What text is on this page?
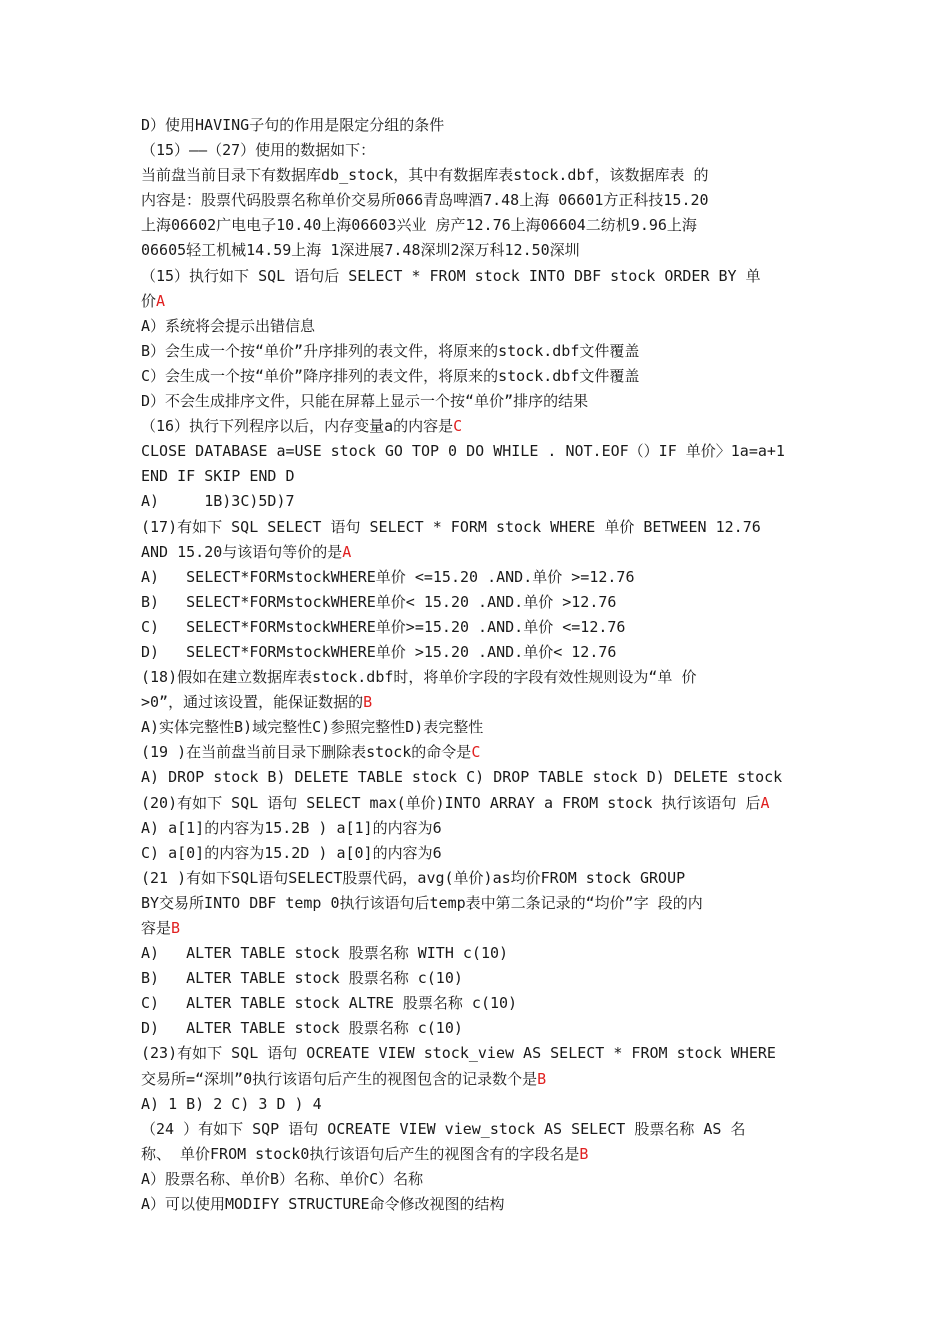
D）使用HAVING子句的作用是限定分组的条件
（15）——（27）使用的数据如下：
当前盘当前目录下有数据库db_stock，其中有数据库表stock.dbf，该数据库表 的
内容是：股票代码股票名称单价交易所066青岛啤酒7.48上海 06601方正科技15.20
上海06602广电电子10.40上海06603兴业 房产12.76上海06604二纺机9.96上海
06605轻工机械14.59上海 1深进展7.48深圳2深万科12.50深圳
（15）执行如下 SQL 语句后 SELECT * FROM stock INTO DBF stock ORDER BY 单
价A
A）系统将会提示出错信息
B）会生成一个按“单价”升序排列的表文件，将原来的stock.dbf文件覆盖
C）会生成一个按“单价”降序排列的表文件，将原来的stock.dbf文件覆盖
D）不会生成排序文件，只能在屏幕上显示一个按“单价”排序的结果
（16）执行下列程序以后，内存变量a的内容是C
CLOSE DATABASE a=USE stock GO TOP 0 DO WHILE . NOT.EOF（）IF 单价〉1a=a+1
END IF SKIP END D
A)     1B)3C)5D)7
(17)有如下 SQL SELECT 语句 SELECT * FORM stock WHERE 单价 BETWEEN 12.76
AND 15.20与该语句等价的是A
A)   SELECT*FORMstockWHERE单价 <=15.20 .AND.单价 >=12.76
B)   SELECT*FORMstockWHERE单价< 15.20 .AND.单价 >12.76
C)   SELECT*FORMstockWHERE单价>=15.20 .AND.单价 <=12.76
D)   SELECT*FORMstockWHERE单价 >15.20 .AND.单价< 12.76
(18)假如在建立数据库表stock.dbf时，将单价字段的字段有效性规则设为“单 价
>0”，通过该设置，能保证数据的B
A)实体完整性B)域完整性C)参照完整性D)表完整性
(19 )在当前盘当前目录下删除表stock的命令是C
A) DROP stock B) DELETE TABLE stock C) DROP TABLE stock D) DELETE stock
(20)有如下 SQL 语句 SELECT max(单价)INTO ARRAY a FROM stock 执行该语句 后A
A) a[1]的内容为15.2B ) a[1]的内容为6
C) a[0]的内容为15.2D ) a[0]的内容为6
(21 )有如下SQL语句SELECT股票代码，avg(单价)as均价FROM stock GROUP
BY交易所INTO DBF temp 0执行该语句后temp表中第二条记录的“均价”字 段的内
容是B
A)   ALTER TABLE stock 股票名称 WITH c(10)
B)   ALTER TABLE stock 股票名称 c(10)
C)   ALTER TABLE stock ALTRE 股票名称 c(10)
D)   ALTER TABLE stock 股票名称 c(10)
(23)有如下 SQL 语句 OCREATE VIEW stock_view AS SELECT * FROM stock WHERE
交易所=“深圳”0执行该语句后产生的视图包含的记录数个是B
A) 1 B) 2 C) 3 D ) 4
（24 ）有如下 SQP 语句 OCREATE VIEW view_stock AS SELECT 股票名称 AS 名
称、 单价FROM stock0执行该语句后产生的视图含有的字段名是B
A）股票名称、单价B）名称、单价C）名称
A）可以使用MODIFY STRUCTURE命令修改视图的结构
